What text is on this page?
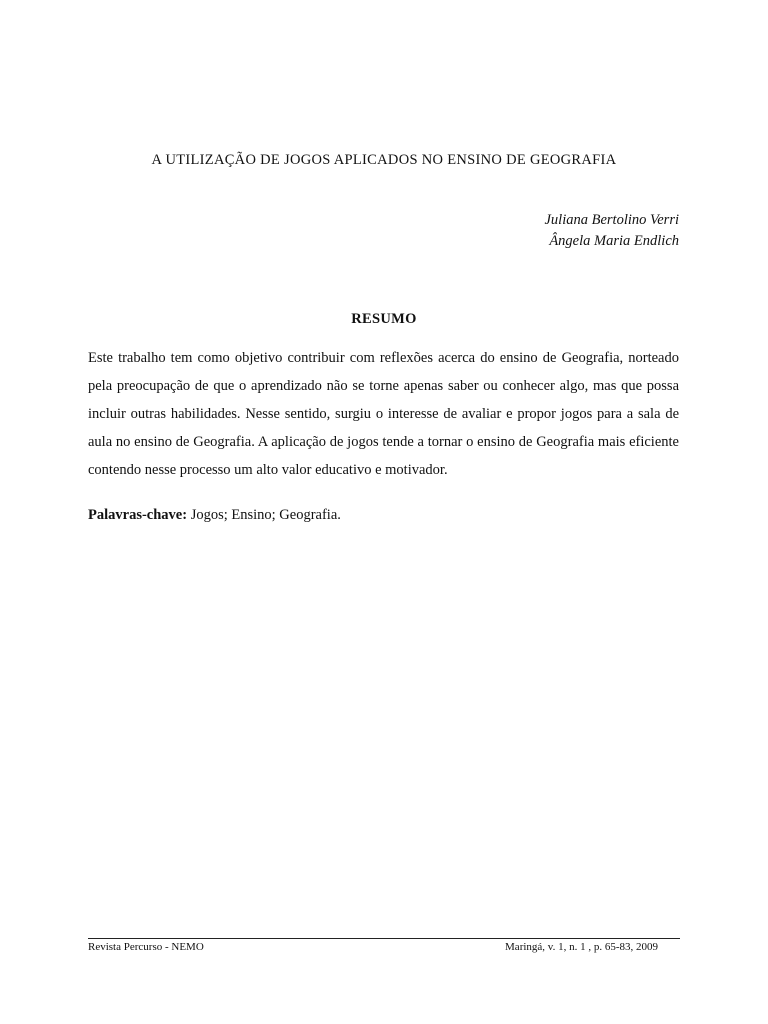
A UTILIZAÇÃO DE JOGOS APLICADOS NO ENSINO DE GEOGRAFIA
Juliana Bertolino Verri
Ângela Maria Endlich
RESUMO

Este trabalho tem como objetivo contribuir com reflexões acerca do ensino de Geografia, norteado pela preocupação de que o aprendizado não se torne apenas saber ou conhecer algo, mas que possa incluir outras habilidades. Nesse sentido, surgiu o interesse de avaliar e propor jogos para a sala de aula no ensino de Geografia. A aplicação de jogos tende a tornar o ensino de Geografia mais eficiente contendo nesse processo um alto valor educativo e motivador.

Palavras-chave: Jogos; Ensino; Geografia.
Revista Percurso - NEMO	Maringá, v. 1, n. 1 , p. 65-83, 2009
